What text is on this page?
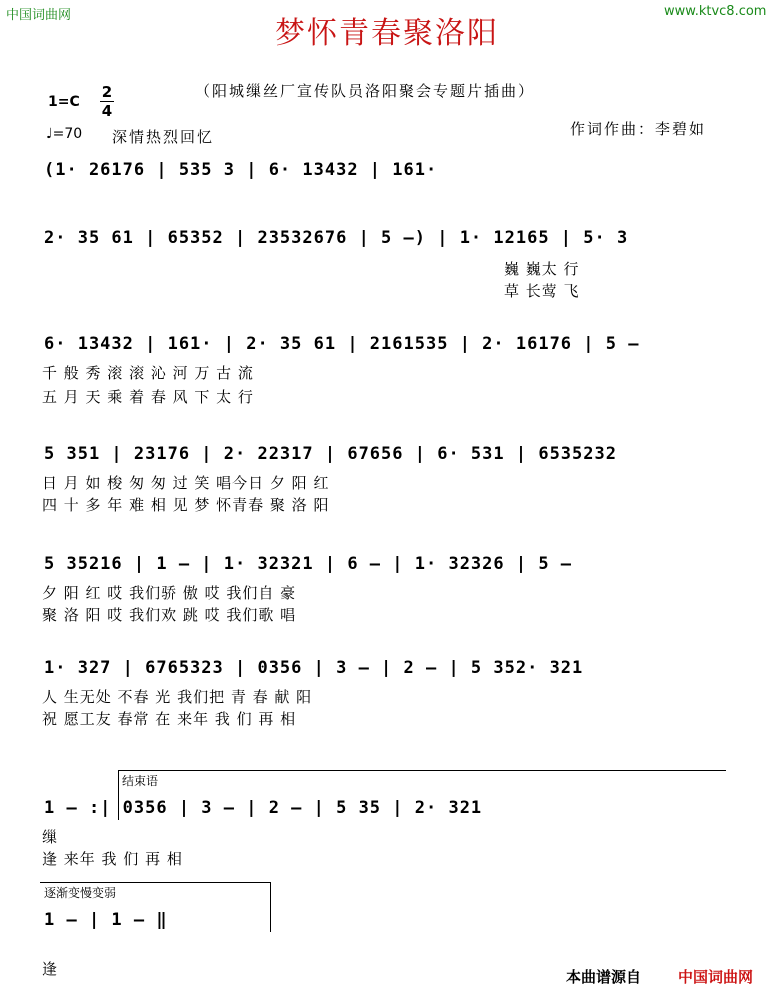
中国词曲网	www.ktvc8.com
梦怀青春聚洛阳
（阳城缫丝厂宣传队员洛阳聚会专题片插曲）
1=C
2
4
♩=70 深情热烈回忆	作词作曲：李碧如
(1· 26176 | 535 3 | 6· 13432 | 161·
2· 35 61 | 65352 | 23532676 | 5 —) | 1· 12165 | 5· 3
巍 巍太 行
草 长莺 飞
6· 13432 | 161· | 2· 35 61 | 2161535 | 2· 16176 | 5 —
千 般 秀 滚 滚 沁 河 万 古 流
五 月 天 乘 着 春 风 下 太 行
5 351 | 23176 | 2· 22317 | 67656 | 6· 531 | 6535232
日 月 如 梭 匆 匆 过 笑 唱今日 夕 阳 红
四 十 多 年 难 相 见 梦 怀青春 聚 洛 阳
5 35216 | 1 — | 1· 32321 | 6 — | 1· 32326 | 5 —
夕 阳 红 哎 我们骄 傲 哎 我们自 豪
聚 洛 阳 哎 我们欢 跳 哎 我们歌 唱
1· 327 | 6765323 | 0356 | 3 — | 2 — | 5 352· 321
人 生无处 不春 光 我们把 青 春 献 阳
祝 愿工友 春常 在 来年 我 们 再 相
结束语
1 — :| 0356 | 3 — | 2 — | 5 35 | 2· 321
缫
逢 来年 我 们 再 相
逐渐变慢变弱
1 — | 1 — ‖
逢	本曲谱源自 中国词曲网
